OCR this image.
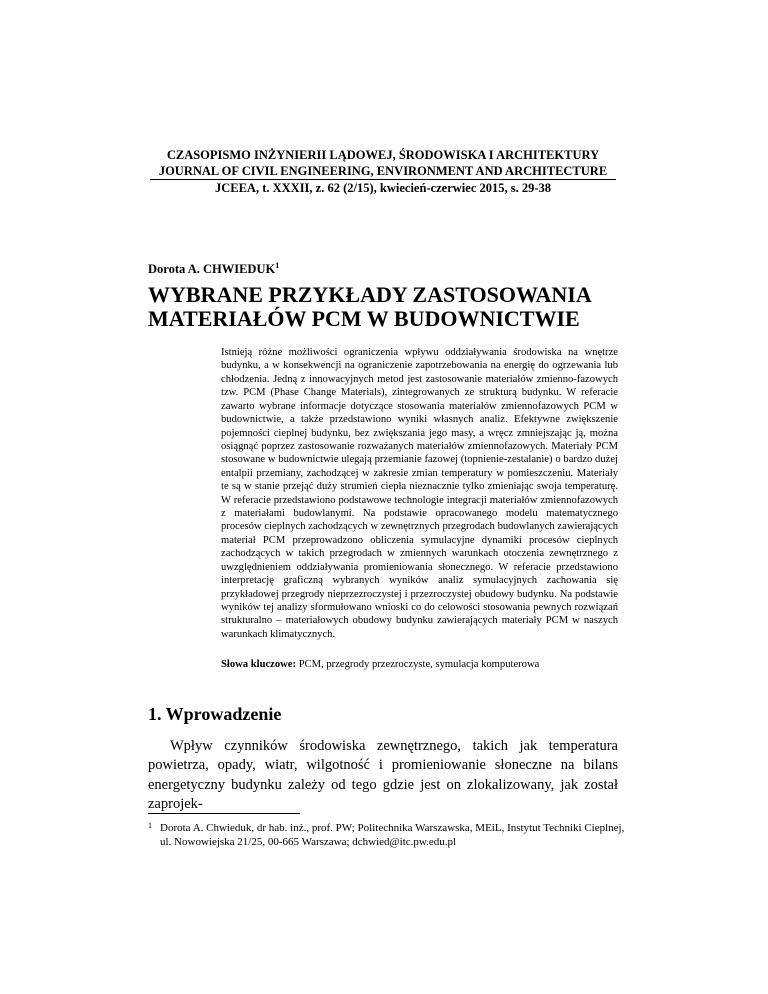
CZASOPISMO INŻYNIERII LĄDOWEJ, ŚRODOWISKA I ARCHITEKTURY
JOURNAL OF CIVIL ENGINEERING, ENVIRONMENT AND ARCHITECTURE
JCEEA, t. XXXII, z. 62 (2/15), kwiecień-czerwiec 2015, s. 29-38
Dorota A. CHWIEDUK$^1$
WYBRANE PRZYKŁADY ZASTOSOWANIA
MATERIAŁÓW PCM W BUDOWNICTWIE

Istnieją różne możliwości ograniczenia wpływu oddziaływania środowiska na wnętrze budynku, a w konsekwencji na ograniczenie zapotrzebowania na energię do ogrzewania lub chłodzenia. Jedną z innowacyjnych metod jest zastosowanie materiałów zmienno-fazowych tzw. PCM (Phase Change Materials), zintegrowanych ze strukturą budynku. W referacie zawarto wybrane informacje dotyczące stosowania materiałów zmiennofazowych PCM w budownictwie, a także przedstawiono wyniki własnych analiz. Efektywne zwiększenie pojemności cieplnej budynku, bez zwiększania jego masy, a wręcz zmniejszając ją, można osiągnąć poprzez zastosowanie rozważanych materiałów zmiennofazowych. Materiały PCM stosowane w budownictwie ulegają przemianie fazowej (topnienie-zestalanie) o bardzo dużej entalpii przemiany, zachodzącej w zakresie zmian temperatury w pomieszczeniu. Materiały te są w stanie przejąć duży strumień ciepła nieznacznie tylko zmieniając swoja temperaturę. W referacie przedstawiono podstawowe technologie integracji materiałów zmiennofazowych z materiałami budowlanymi. Na podstawie opracowanego modelu matematycznego procesów cieplnych zachodzących w zewnętrznych przegrodach budowlanych zawierających materiał PCM przeprowadzono obliczenia symulacyjne dynamiki procesów cieplnych zachodzących w takich przegrodach w zmiennych warunkach otoczenia zewnętrznego z uwzględnieniem oddziaływania promieniowania słonecznego. W referacie przedstawiono interpretację graficzną wybranych wyników analiz symulacyjnych zachowania się przykładowej przegrody nieprzezroczystej i przezroczystej obudowy budynku. Na podstawie wyników tej analizy sformułowano wnioski co do celowości stosowania pewnych rozwiązań strukturalno – materiałowych obudowy budynku zawierających materiały PCM w naszych warunkach klimatycznych.

Słowa kluczowe: PCM, przegrody przezroczyste, symulacja komputerowa
1. Wprowadzenie

Wpływ czynników środowiska zewnętrznego, takich jak temperatura powietrza, opady, wiatr, wilgotność i promieniowanie słoneczne na bilans energetyczny budynku zależy od tego gdzie jest on zlokalizowany, jak został zaprojek-

1 Dorota A. Chwieduk, dr hab. inż., prof. PW; Politechnika Warszawska, MEiL, Instytut Techniki Cieplnej, ul. Nowowiejska 21/25, 00-665 Warszawa; dchwied@itc.pw.edu.pl
